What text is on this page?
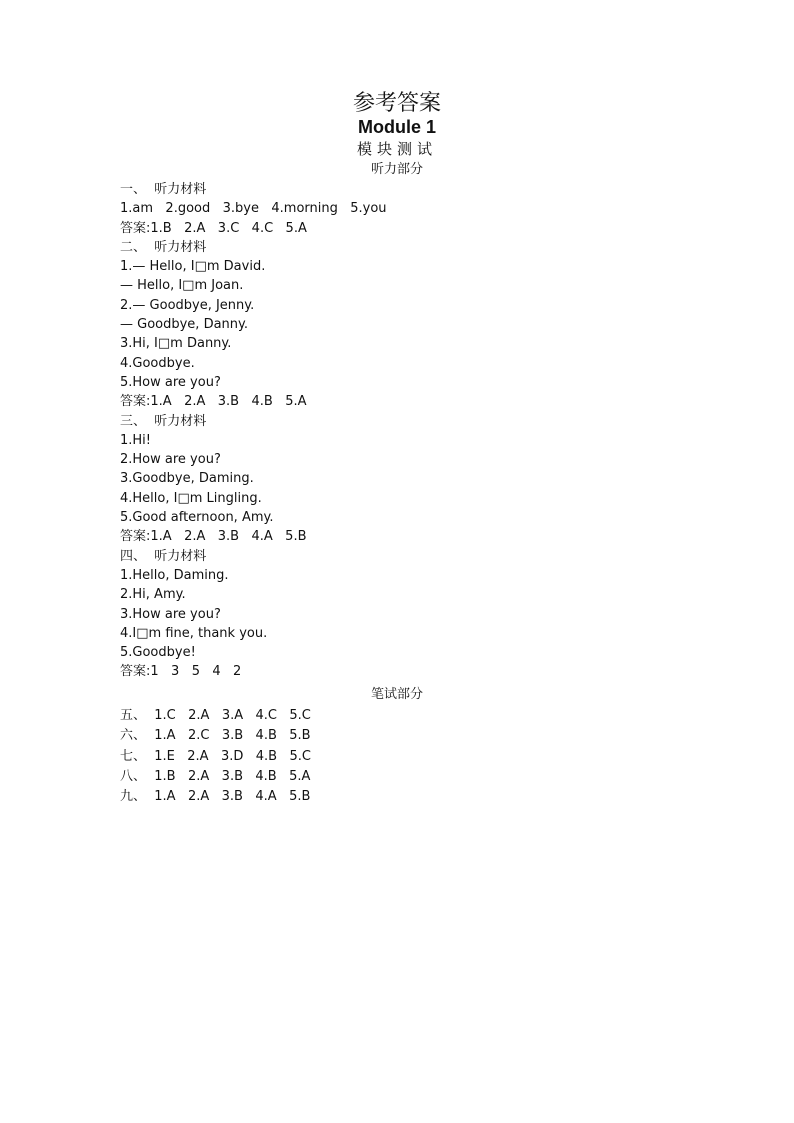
参考答案
Module 1
模块测试
听力部分
一、  听力材料
1.am   2.good   3.bye   4.morning   5.you
答案:1.B   2.A   3.C   4.C   5.A
二、  听力材料
1.— Hello, I□m David.
— Hello, I□m Joan.
2.— Goodbye, Jenny.
— Goodbye, Danny.
3.Hi, I□m Danny.
4.Goodbye.
5.How are you?
答案:1.A   2.A   3.B   4.B   5.A
三、  听力材料
1.Hi!
2.How are you?
3.Goodbye, Daming.
4.Hello, I□m Lingling.
5.Good afternoon, Amy.
答案:1.A   2.A   3.B   4.A   5.B
四、  听力材料
1.Hello, Daming.
2.Hi, Amy.
3.How are you?
4.I□m fine, thank you.
5.Goodbye!
答案:1   3   5   4   2
笔试部分
五、  1.C   2.A   3.A   4.C   5.C
六、  1.A   2.C   3.B   4.B   5.B
七、  1.E   2.A   3.D   4.B   5.C
八、  1.B   2.A   3.B   4.B   5.A
九、  1.A   2.A   3.B   4.A   5.B
